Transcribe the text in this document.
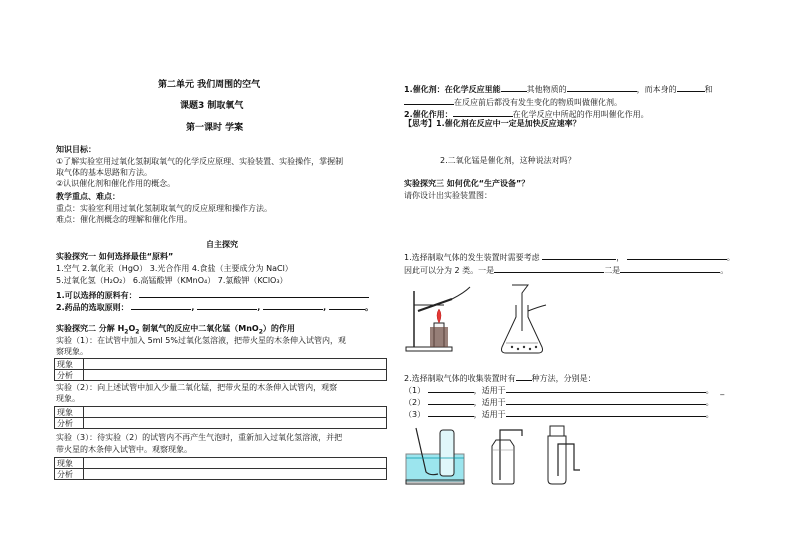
第二单元 我们周围的空气
课题3 制取氧气
第一课时 学案
知识目标：
①了解实验室用过氧化氢制取氧气的化学反应原理、实验装置、实验操作，掌握制
取气体的基本思路和方法。
②认识催化剂和催化作用的概念。
教学重点、难点：
重点：实验室利用过氧化氢制取氧气的反应原理和操作方法。
难点：催化剂概念的理解和催化作用。
自主探究
实验探究一 如何选择最佳“原料”
1.空气 2.氧化汞（HgO） 3.光合作用 4.食盐（主要成分为 NaCl）
5.过氧化氢（H₂O₂） 6.高锰酸钾（KMnO₄） 7.氯酸钾（KClO₃）
1.可以选择的原料有：
2.药品的选取原则：	,	,	,	。
实验探究二 分解 $H_2O_2$ 制氧气的反应中二氧化锰（MnO$_2$）的作用
实验（1）：在试管中加入 5ml 5%过氧化氢溶液，把带火星的木条伸入试管内，观
察现象。
现象	
分析	
实验（2）：向上述试管中加入少量二氧化锰，把带火星的木条伸入试管内，观察
现象。
现象	
分析	
实验（3）：待实验（2）的试管内不再产生气泡时，重新加入过氧化氢溶液，并把
带火星的木条伸入试管中。观察现象。
现象	
分析	
1.催化剂：在化学反应里能	其他物质的	，而本身的	和
在反应前后都没有发生变化的物质叫做催化剂。
2.催化作用：	在化学反应中所起的作用叫催化作用。
【思考】1.催化剂在反应中一定是加快反应速率？
2.二氧化锰是催化剂，这种说法对吗？
实验探究三 如何优化“生产设备”？
请你设计出实验装置图：
1.选择制取气体的发生装置时需要考虑	，	。
因此可以分为 2 类。一是	二是	。
2.选择制取气体的收集装置时有 种方法，分别是：
（1）	，适用于	。 _
（2）	，适用于	。
（3）	，适用于	。
